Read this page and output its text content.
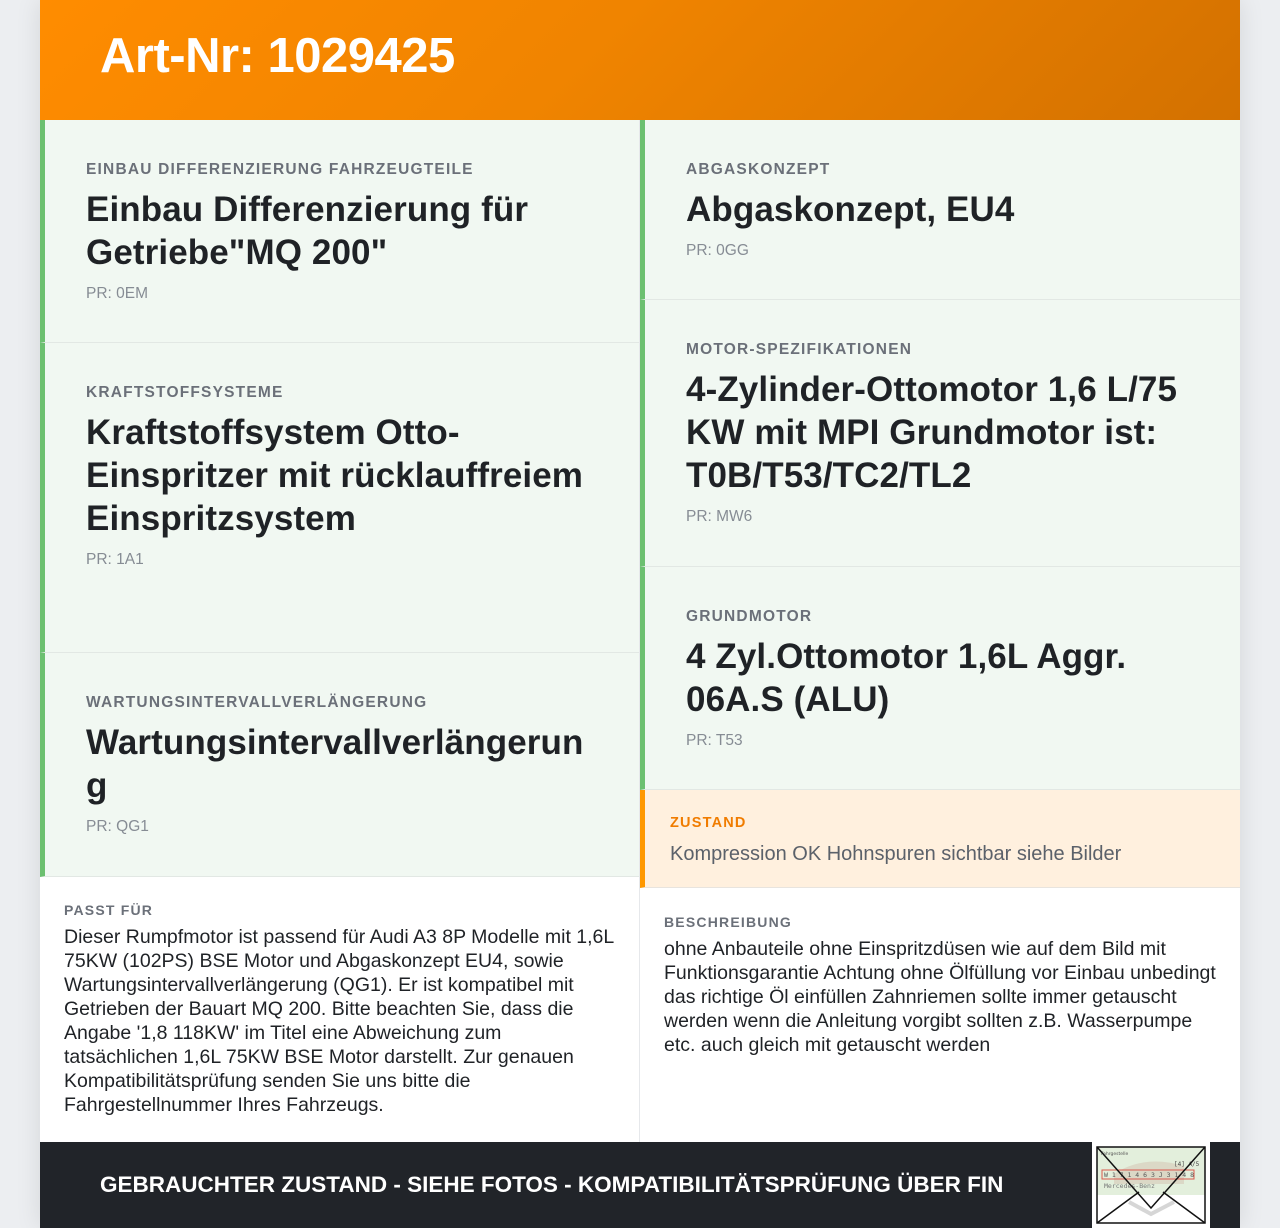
Art-Nr: 1029425
EINBAU DIFFERENZIERUNG FAHRZEUGTEILE
Einbau Differenzierung für Getriebe"MQ 200"
PR: 0EM
KRAFTSTOFFSYSTEME
Kraftstoffsystem Otto-Einspritzer mit rücklauffreiem Einspritzsystem
PR: 1A1
WARTUNGSINTERVALLVERLÄNGERUNG
Wartungsintervallverlängerung
PR: QG1
PASST FÜR
Dieser Rumpfmotor ist passend für Audi A3 8P Modelle mit 1,6L 75KW (102PS) BSE Motor und Abgaskonzept EU4, sowie Wartungsintervallverlängerung (QG1). Er ist kompatibel mit Getrieben der Bauart MQ 200. Bitte beachten Sie, dass die Angabe '1,8 118KW' im Titel eine Abweichung zum tatsächlichen 1,6L 75KW BSE Motor darstellt. Zur genauen Kompatibilitätsprüfung senden Sie uns bitte die Fahrgestellnummer Ihres Fahrzeugs.
ABGASKONZEPT
Abgaskonzept, EU4
PR: 0GG
MOTOR-SPEZIFIKATIONEN
4-Zylinder-Ottomotor 1,6 L/75 KW mit MPI Grundmotor ist: T0B/T53/TC2/TL2
PR: MW6
GRUNDMOTOR
4 Zyl.Ottomotor 1,6L Aggr. 06A.S (ALU)
PR: T53
ZUSTAND
Kompression OK Hohnspuren sichtbar siehe Bilder
BESCHREIBUNG
ohne Anbauteile ohne Einspritzdüsen wie auf dem Bild mit Funktionsgarantie Achtung ohne Ölfüllung vor Einbau unbedingt das richtige Öl einfüllen Zahnriemen sollte immer getauscht werden wenn die Anleitung vorgibt sollten z.B. Wasserpumpe etc. auch gleich mit getauscht werden
GEBRAUCHTER ZUSTAND - SIEHE FOTOS - KOMPATIBILITÄTSPRÜFUNG ÜBER FIN
Fahrgestelle
[4] A/5
W 1 7 1 4 6 3 J 3 1 4 8
Mercedes-Benz
